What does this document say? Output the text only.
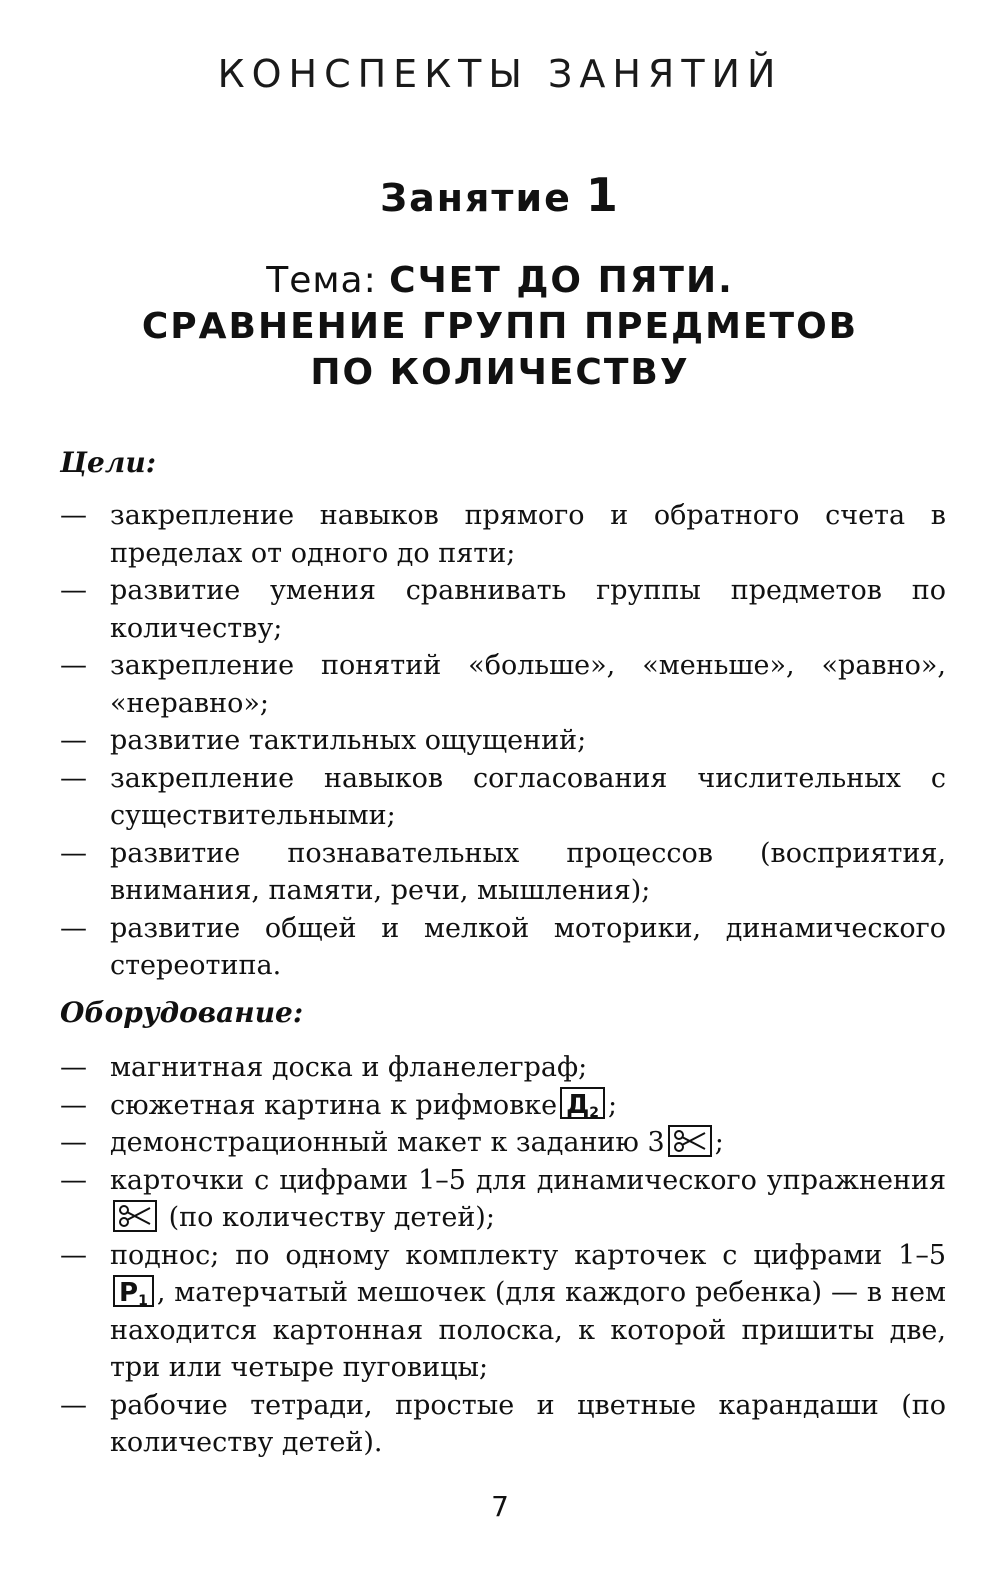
КОНСПЕКТЫ ЗАНЯТИЙ
Занятие 1
Тема: СЧЕТ ДО ПЯТИ.
СРАВНЕНИЕ ГРУПП ПРЕДМЕТОВ
ПО КОЛИЧЕСТВУ
Цели:
— закрепление навыков прямого и обратного счета в пределах от одного до пяти;
— развитие умения сравнивать группы предметов по количеству;
— закрепление понятий «больше», «меньше», «равно», «неравно»;
— развитие тактильных ощущений;
— закрепление навыков согласования числительных с существительными;
— развитие познавательных процессов (восприятия, внимания, памяти, речи, мышления);
— развитие общей и мелкой моторики, динамического стереотипа.
Оборудование:
— магнитная доска и фланелеграф;
— сюжетная картина к рифмовке $Д_2$ ;
— демонстрационный макет к заданию 3 ;
— карточки с цифрами 1–5 для динамического упражнения  (по количеству детей);
— поднос; по одному комплекту карточек с цифрами 1–5 $Р_1$ , матерчатый мешочек (для каждого ребенка) — в нем находится картонная полоска, к которой пришиты две, три или четыре пуговицы;
— рабочие тетради, простые и цветные карандаши (по количеству детей).
7
